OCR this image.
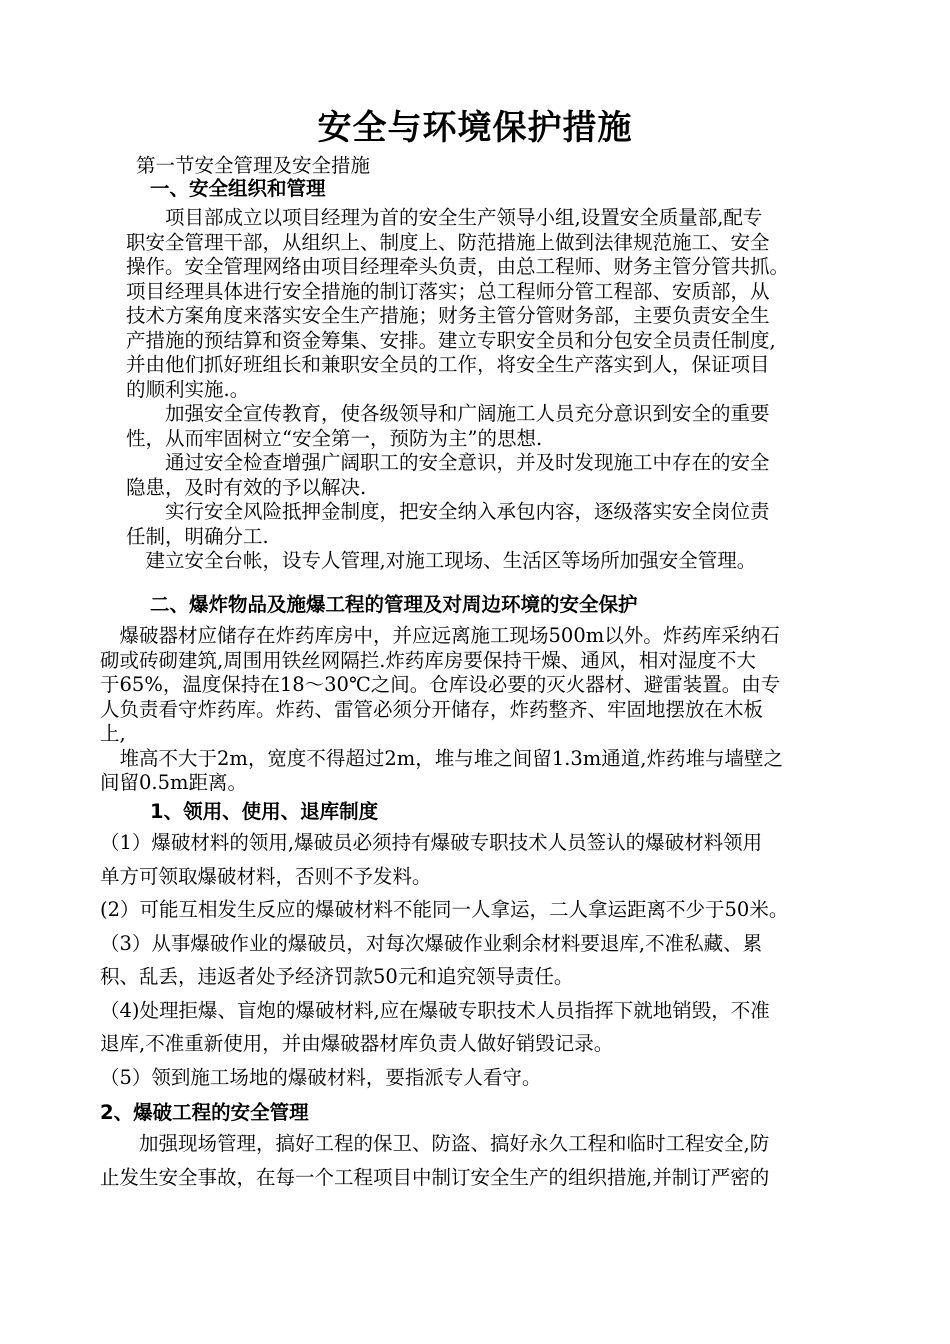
安全与环境保护措施
第一节安全管理及安全措施
一、安全组织和管理
　　项目部成立以项目经理为首的安全生产领导小组,设置安全质量部,配专
职安全管理干部，从组织上、制度上、防范措施上做到法律规范施工、安全
操作。安全管理网络由项目经理牵头负责，由总工程师、财务主管分管共抓。
项目经理具体进行安全措施的制订落实；总工程师分管工程部、安质部，从
技术方案角度来落实安全生产措施；财务主管分管财务部，主要负责安全生
产措施的预结算和资金筹集、安排。建立专职安全员和分包安全员责任制度,
并由他们抓好班组长和兼职安全员的工作，将安全生产落实到人，保证项目
的顺利实施.。
　　加强安全宣传教育，使各级领导和广阔施工人员充分意识到安全的重要
性，从而牢固树立“安全第一，预防为主”的思想.
　　通过安全检查增强广阔职工的安全意识，并及时发现施工中存在的安全
隐患，及时有效的予以解决.
　　实行安全风险抵押金制度，把安全纳入承包内容，逐级落实安全岗位责
任制，明确分工.
　建立安全台帐，设专人管理,对施工现场、生活区等场所加强安全管理。
二、爆炸物品及施爆工程的管理及对周边环境的安全保护
　爆破器材应储存在炸药库房中，并应远离施工现场500m以外。炸药库采纳石
砌或砖砌建筑,周围用铁丝网隔拦.炸药库房要保持干燥、通风，相对湿度不大
于65%，温度保持在18～30℃之间。仓库设必要的灭火器材、避雷装置。由专
人负责看守炸药库。炸药、雷管必须分开储存，炸药整齐、牢固地摆放在木板
上,
　堆高不大于2m，宽度不得超过2m，堆与堆之间留1.3m通道,炸药堆与墙壁之
间留0.5m距离。
1、领用、使用、退库制度
（1）爆破材料的领用,爆破员必须持有爆破专职技术人员签认的爆破材料领用
单方可领取爆破材料，否则不予发料。
(2）可能互相发生反应的爆破材料不能同一人拿运，二人拿运距离不少于50米。
（3）从事爆破作业的爆破员，对每次爆破作业剩余材料要退库,不准私藏、累
积、乱丢，违返者处予经济罚款50元和追究领导责任。
（4)处理拒爆、盲炮的爆破材料,应在爆破专职技术人员指挥下就地销毁，不准
退库,不准重新使用，并由爆破器材库负责人做好销毁记录。
（5）领到施工场地的爆破材料，要指派专人看守。
2、爆破工程的安全管理
　　加强现场管理，搞好工程的保卫、防盗、搞好永久工程和临时工程安全,防
止发生安全事故，在每一个工程项目中制订安全生产的组织措施,并制订严密的
